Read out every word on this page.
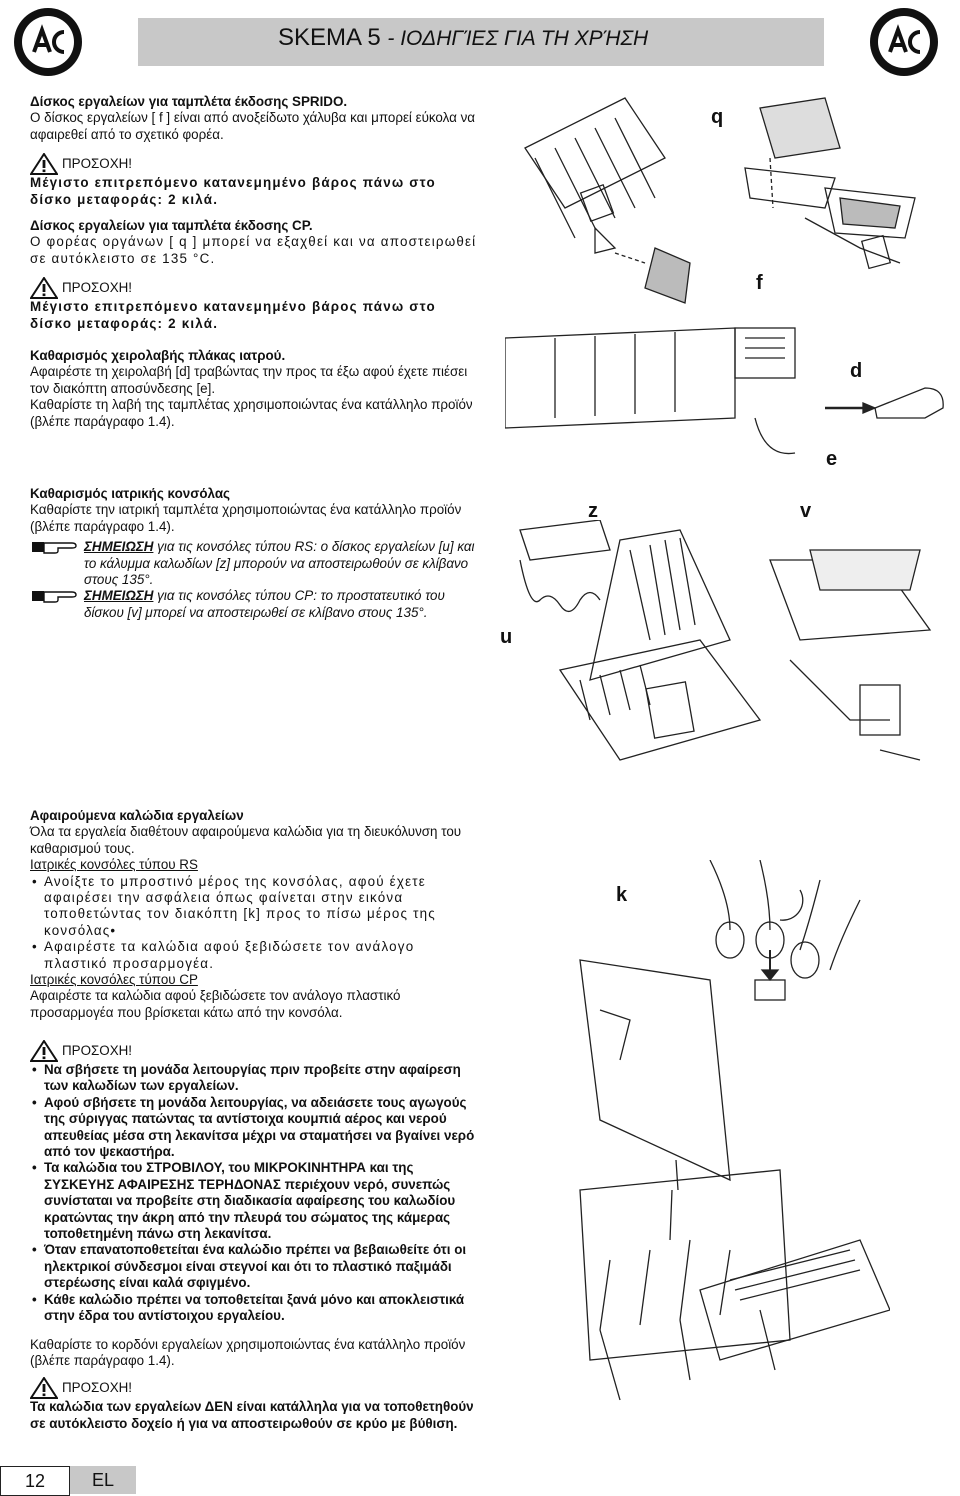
SKEMA 5 - ΙΟΔΗΓΊΕΣ ΓΙΑ ΤΗ ΧΡΉΣΗ

Δίσκος εργαλείων για ταμπλέτα έκδοσης SPRIDO.

Ο δίσκος εργαλείων [ f ] είναι από ανοξείδωτο χάλυβα και μπορεί εύκολα να αφαιρεθεί από το σχετικό φορέα.

ΠΡΟΣΟΧΗ!

Μέγιστο επιτρεπόμενο κατανεμημένο βάρος πάνω στο δίσκο μεταφοράς: 2 κιλά.

Δίσκος εργαλείων για ταμπλέτα έκδοσης CP.

Ο φορέας οργάνων [ q ] μπορεί να εξαχθεί και να αποστειρωθεί σε αυτόκλειστο σε 135 °C.

ΠΡΟΣΟΧΗ!

Μέγιστο επιτρεπόμενο κατανεμημένο βάρος πάνω στο δίσκο μεταφοράς: 2 κιλά.

Καθαρισμός χειρολαβής πλάκας ιατρού.

Αφαιρέστε τη χειρολαβή [d] τραβώντας την προς τα έξω αφού έχετε πιέσει τον διακόπτη αποσύνδεσης [e].

Καθαρίστε τη λαβή της ταμπλέτας χρησιμοποιώντας ένα κατάλληλο προϊόν (βλέπε παράγραφο 1.4).

Καθαρισμός ιατρικής κονσόλας

Καθαρίστε την ιατρική ταμπλέτα χρησιμοποιώντας ένα κατάλληλο προϊόν (βλέπε παράγραφο 1.4).

ΣΗΜΕΙΩΣΗ για τις κονσόλες τύπου RS: ο δίσκος εργαλείων [u] και το κάλυμμα καλωδίων [z] μπορούν να αποστειρωθούν σε κλίβανο στους 135°.

ΣΗΜΕΙΩΣΗ για τις κονσόλες τύπου CP: το προστατευτικό του δίσκου [v] μπορεί να αποστειρωθεί σε κλίβανο στους 135°.

Αφαιρούμενα καλώδια εργαλείων

Όλα τα εργαλεία διαθέτουν αφαιρούμενα καλώδια για τη διευκόλυνση του καθαρισμού τους.

Ιατρικές κονσόλες τύπου RS

• Ανοίξτε το μπροστινό μέρος της κονσόλας, αφού έχετε αφαιρέσει την ασφάλεια όπως φαίνεται στην εικόνα τοποθετώντας τον διακόπτη [k] προς το πίσω μέρος της κονσόλας•
• Αφαιρέστε τα καλώδια αφού ξεβιδώσετε τον ανάλογο πλαστικό προσαρμογέα.

Ιατρικές κονσόλες τύπου CP

Αφαιρέστε τα καλώδια αφού ξεβιδώσετε τον ανάλογο πλαστικό προσαρμογέα που βρίσκεται κάτω από την κονσόλα.

ΠΡΟΣΟΧΗ!
• Να σβήσετε τη μονάδα λειτουργίας πριν προβείτε στην αφαίρεση των καλωδίων των εργαλείων.
• Αφού σβήσετε τη μονάδα λειτουργίας, να αδειάσετε τους αγωγούς της σύριγγας πατώντας τα αντίστοιχα κουμπιά αέρος και νερού απευθείας μέσα στη λεκανίτσα μέχρι να σταματήσει να βγαίνει νερό από τον ψεκαστήρα.
• Τα καλώδια του ΣΤΡΟΒΙΛΟΥ, του ΜΙΚΡΟΚΙΝΗΤΗΡΑ και της ΣΥΣΚΕΥΗΣ ΑΦΑΙΡΕΣΗΣ ΤΕΡΗΔΟΝΑΣ περιέχουν νερό, συνεπώς συνίσταται να προβείτε στη διαδικασία αφαίρεσης του καλωδίου κρατώντας την άκρη από την πλευρά του σώματος της κάμερας τοποθετημένη πάνω στη λεκανίτσα.
• Όταν επανατοποθετείται ένα καλώδιο πρέπει να βεβαιωθείτε ότι οι ηλεκτρικοί σύνδεσμοι είναι στεγνοί και ότι το πλαστικό παξιμάδι στερέωσης είναι καλά σφιγμένο.
• Κάθε καλώδιο πρέπει να τοποθετείται ξανά μόνο και αποκλειστικά στην έδρα του αντίστοιχου εργαλείου.

Καθαρίστε το κορδόνι εργαλείων χρησιμοποιώντας ένα κατάλληλο προϊόν (βλέπε παράγραφο 1.4).

ΠΡΟΣΟΧΗ!

Τα καλώδια των εργαλείων ΔΕΝ είναι κατάλληλα για να τοποθετηθούν σε αυτόκλειστο δοχείο ή για να αποστειρωθούν σε κρύο με βύθιση.

q
f
d
e
z	v
u
k
12	EL
